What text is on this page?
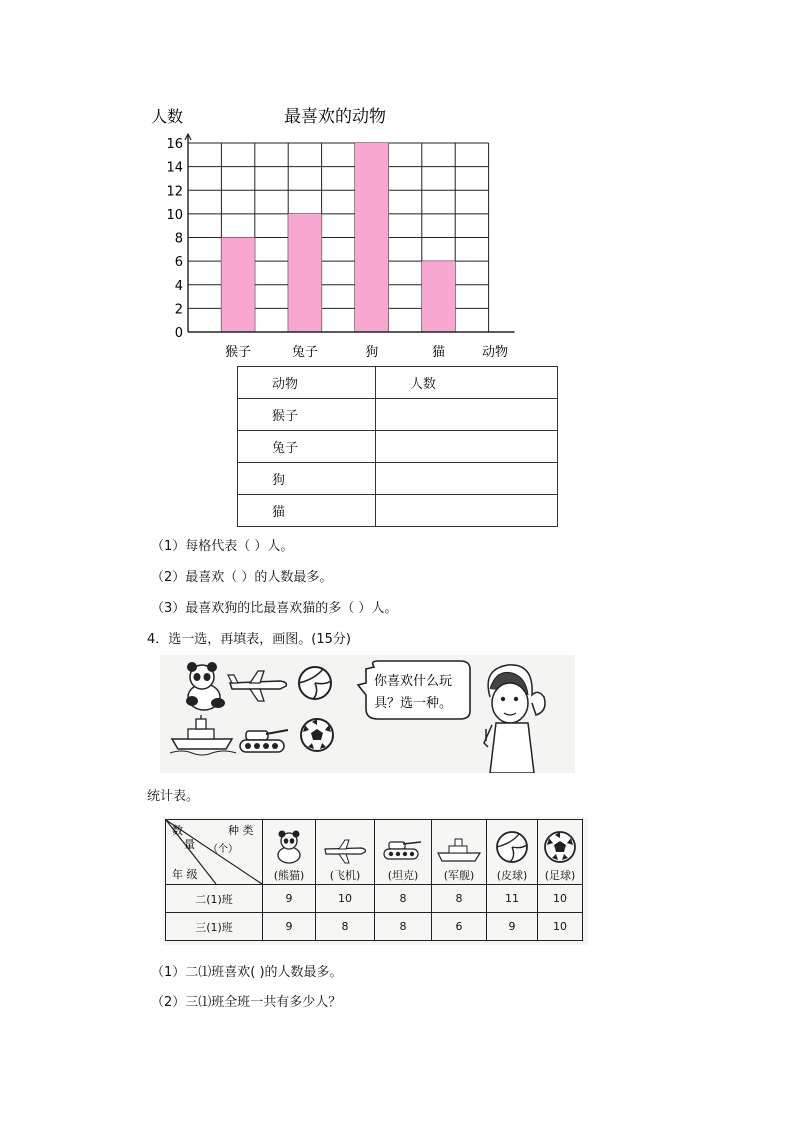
0
2
4
6
8
10
12
14
16
猴子	兔子	狗	猫
最喜欢的动物
人数
动物
动物	人数
猴子	
兔子	
狗	
猫	
（1）每格代表（ ）人。
（2）最喜欢（ ）的人数最多。
（3）最喜欢狗的比最喜欢猫的多（ ）人。
4．选一选，再填表，画图。(15分)
你喜欢什么玩
具？选一种。
统计表。
种 类
（个）
数
量
年 级	(熊猫)	(飞机)	(坦克)	(军舰)	(皮球)	(足球)

二(1)班	9	10	8	8	11	10
三(1)班	9	8	8	6	9	10
（1）二⑴班喜欢( )的人数最多。
（2）三⑴班全班一共有多少人？
